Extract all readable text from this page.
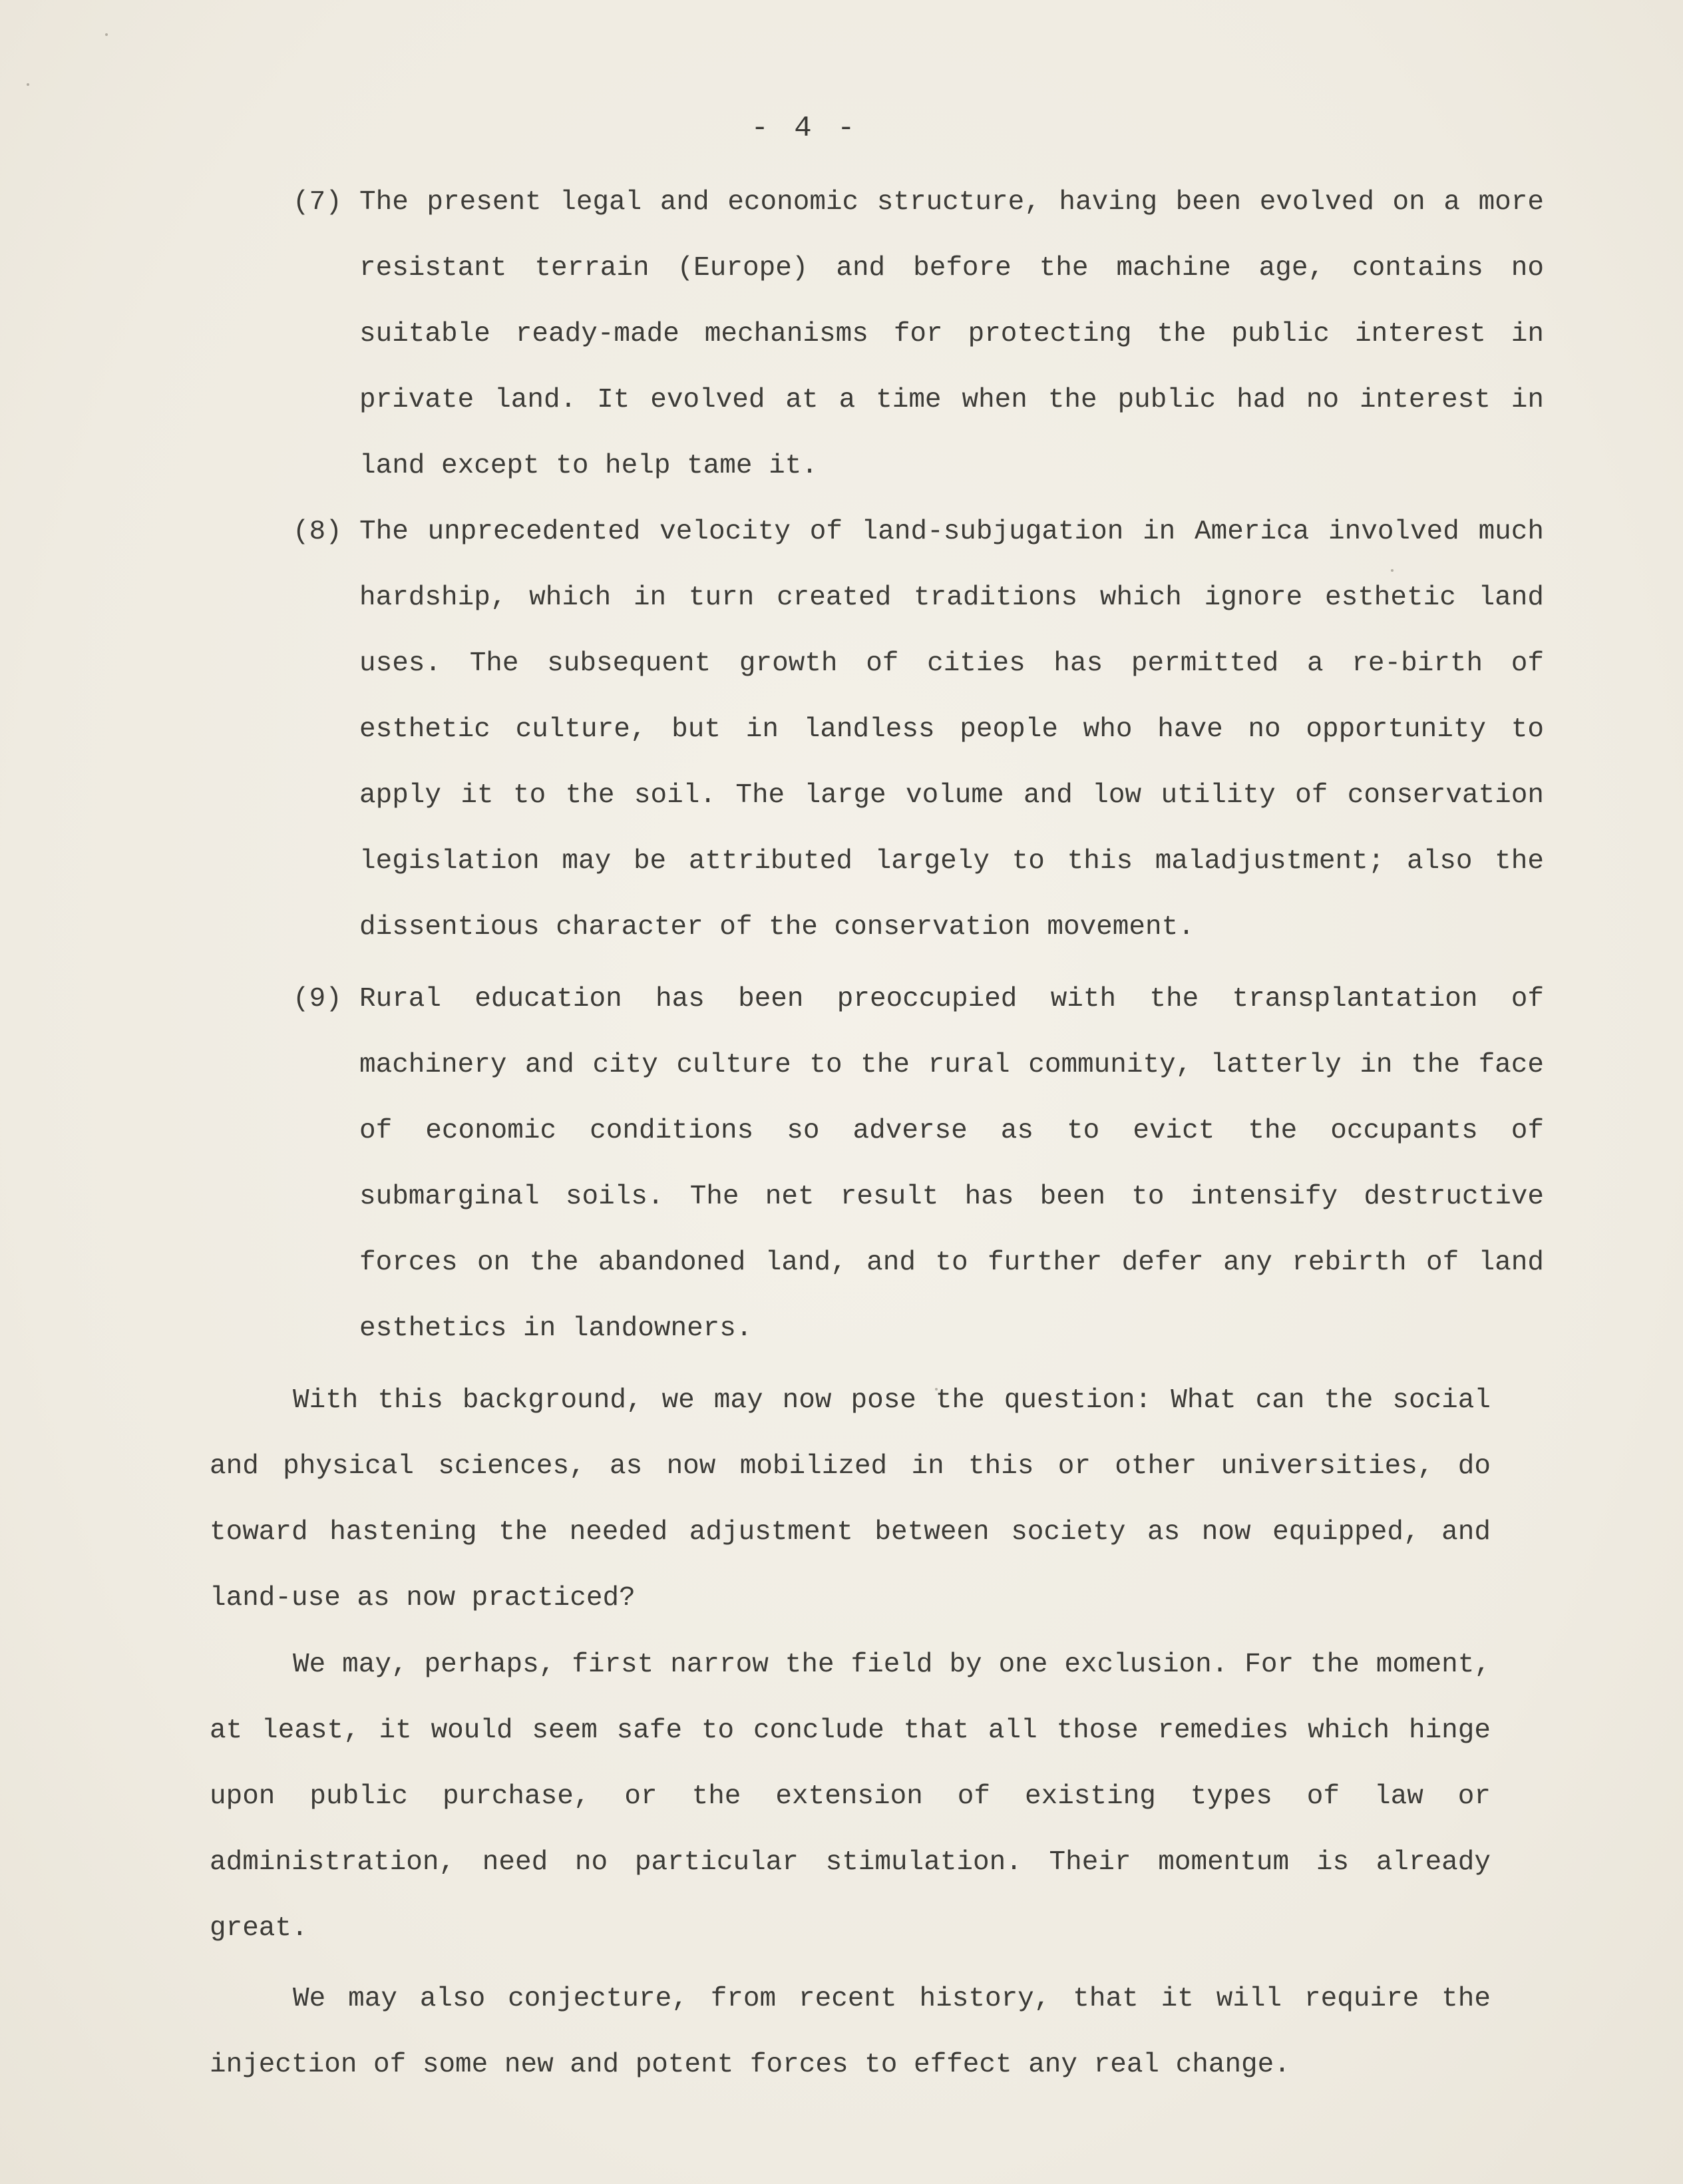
- 4 -
(7) The present legal and economic structure, having been evolved on a more resistant terrain (Europe) and before the machine age, contains no suitable ready-made mechanisms for protecting the public interest in private land. It evolved at a time when the public had no interest in land except to help tame it.
(8) The unprecedented velocity of land-subjugation in America involved much hardship, which in turn created traditions which ignore esthetic land uses. The subsequent growth of cities has permitted a re-birth of esthetic culture, but in landless people who have no opportunity to apply it to the soil. The large volume and low utility of conservation legislation may be attributed largely to this maladjustment; also the dissentious character of the conservation movement.
(9) Rural education has been preoccupied with the transplantation of machinery and city culture to the rural community, latterly in the face of economic conditions so adverse as to evict the occupants of submarginal soils. The net result has been to intensify destructive forces on the abandoned land, and to further defer any rebirth of land esthetics in landowners.
With this background, we may now pose the question: What can the social and physical sciences, as now mobilized in this or other universities, do toward hastening the needed adjustment between society as now equipped, and land-use as now practiced?
We may, perhaps, first narrow the field by one exclusion. For the moment, at least, it would seem safe to conclude that all those remedies which hinge upon public purchase, or the extension of existing types of law or administration, need no particular stimulation. Their momentum is already great.
We may also conjecture, from recent history, that it will require the injection of some new and potent forces to effect any real change.
